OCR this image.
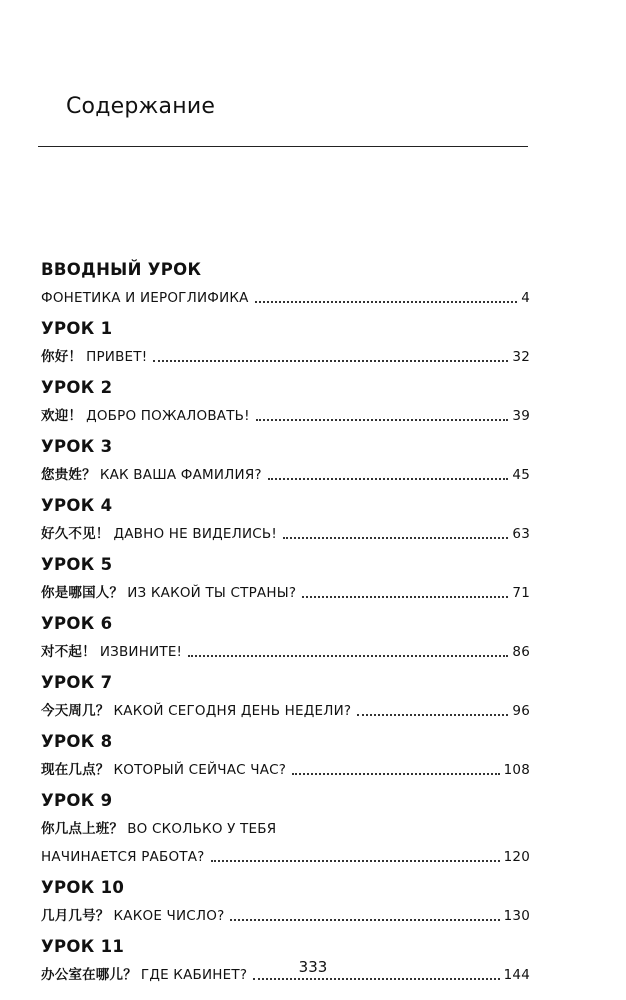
Содержание
ВВОДНЫЙ УРОК
ФОНЕТИКА И ИЕРОГЛИФИКА	4
УРОК 1
你好！ ПРИВЕТ!	32
УРОК 2
欢迎！ ДОБРО ПОЖАЛОВАТЬ!	39
УРОК 3
您贵姓？ КАК ВАША ФАМИЛИЯ?	45
УРОК 4
好久不见！ ДАВНО НЕ ВИДЕЛИСЬ!	63
УРОК 5
你是哪国人？ ИЗ КАКОЙ ТЫ СТРАНЫ?	71
УРОК 6
对不起！ ИЗВИНИТЕ!	86
УРОК 7
今天周几？ КАКОЙ СЕГОДНЯ ДЕНЬ НЕДЕЛИ?	96
УРОК 8
现在几点？ КОТОРЫЙ СЕЙЧАС ЧАС?	108
УРОК 9
你几点上班？ ВО СКОЛЬКО У ТЕБЯ
НАЧИНАЕТСЯ РАБОТА?	120
УРОК 10
几月几号？ КАКОЕ ЧИСЛО?	130
УРОК 11
办公室在哪儿？ ГДЕ КАБИНЕТ?	144
333
